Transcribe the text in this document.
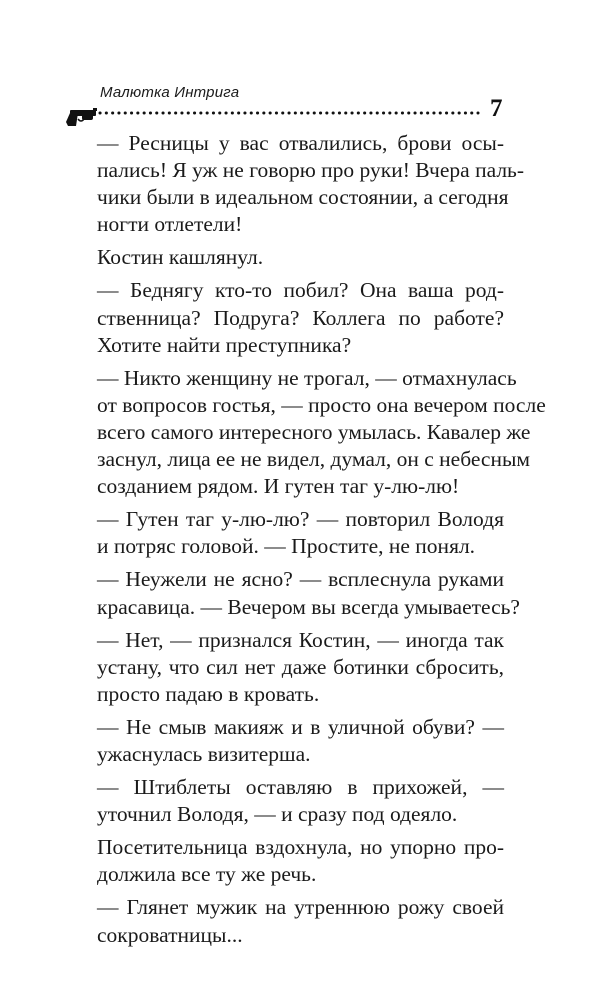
Малютка Интрига
7
— Ресницы у вас отвалились, брови осы-
пались! Я уж не говорю про руки! Вчера паль-
чики были в идеальном состоянии, а сегодня
ногти отлетели!
Костин кашлянул.
— Беднягу кто-то побил? Она ваша род-
ственница? Подруга? Коллега по работе?
Хотите найти преступника?
— Никто женщину не трогал, — отмахнулась
от вопросов гостья, — просто она вечером после
всего самого интересного умылась. Кавалер же
заснул, лица ее не видел, думал, он с небесным
созданием рядом. И гутен таг у-лю-лю!
— Гутен таг у-лю-лю? — повторил Володя
и потряс головой. — Простите, не понял.
— Неужели не ясно? — всплеснула руками
красавица. — Вечером вы всегда умываетесь?
— Нет, — признался Костин, — иногда так
устану, что сил нет даже ботинки сбросить,
просто падаю в кровать.
— Не смыв макияж и в уличной обуви? —
ужаснулась визитерша.
— Штиблеты оставляю в прихожей, —
уточнил Володя, — и сразу под одеяло.
Посетительница вздохнула, но упорно про-
должила все ту же речь.
— Глянет мужик на утреннюю рожу своей
сокроватницы...
